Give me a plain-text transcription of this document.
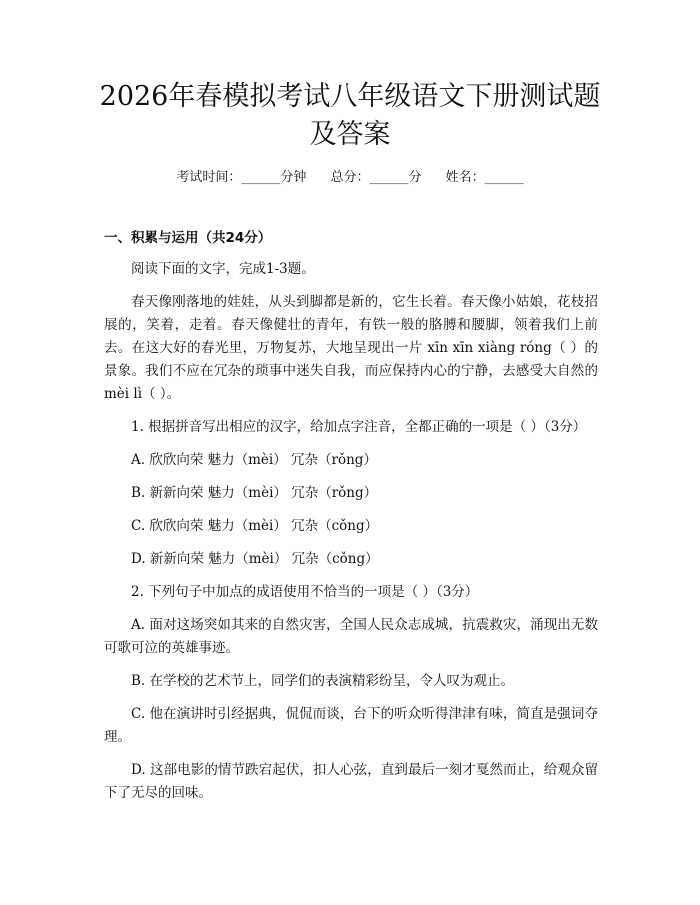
2026年春模拟考试八年级语文下册测试题及答案
考试时间：______分钟 总分：______分 姓名：______
一、积累与运用（共24分）

阅读下面的文字，完成1-3题。

春天像刚落地的娃娃，从头到脚都是新的，它生长着。春天像小姑娘，花枝招展的，笑着，走着。春天像健壮的青年，有铁一般的胳膊和腰脚，领着我们上前去。在这大好的春光里，万物复苏，大地呈现出一片 xīn xīn xiàng róng（ ）的景象。我们不应在冗杂的琐事中迷失自我，而应保持内心的宁静，去感受大自然的 mèi lì（ ）。

1. 根据拼音写出相应的汉字，给加点字注音，全都正确的一项是（ ）（3分）

A. 欣欣向荣 魅力（mèi） 冗杂（rǒng）

B. 新新向荣 魅力（mèi） 冗杂（rǒng）

C. 欣欣向荣 魅力（mèi） 冗杂（cǒng）

D. 新新向荣 魅力（mèi） 冗杂（cǒng）

2. 下列句子中加点的成语使用不恰当的一项是（ ）（3分）

A. 面对这场突如其来的自然灾害，全国人民众志成城，抗震救灾，涌现出无数可歌可泣的英雄事迹。

B. 在学校的艺术节上，同学们的表演精彩纷呈，令人叹为观止。

C. 他在演讲时引经据典，侃侃而谈，台下的听众听得津津有味，简直是强词夺理。

D. 这部电影的情节跌宕起伏，扣人心弦，直到最后一刻才戛然而止，给观众留下了无尽的回味。
